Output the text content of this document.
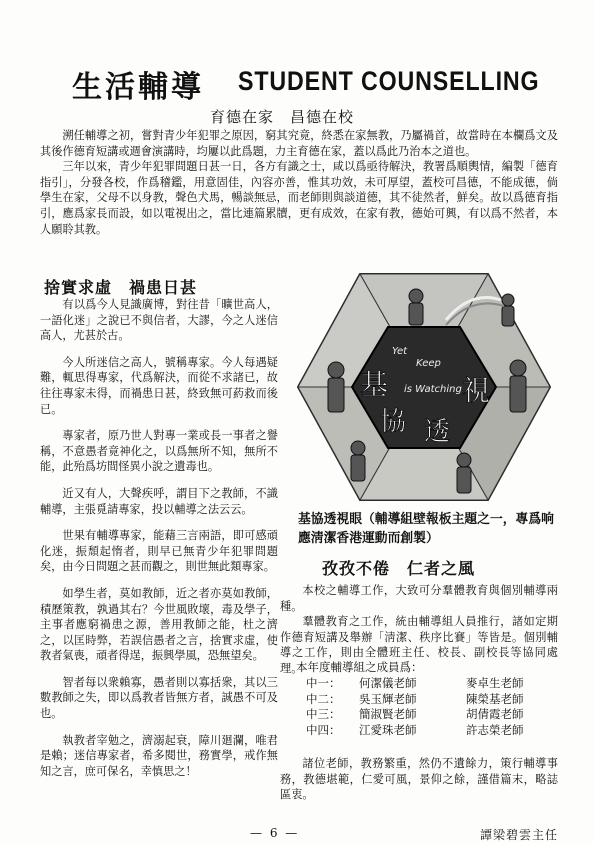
生活輔導 STUDENT COUNSELLING
育德在家　昌德在校

溯任輔導之初，嘗對青少年犯罪之原因，窮其究竟，終悉在家無教，乃屬禍首，故當時在本欄爲文及其後作德育短講或週會演講時，均屢以此爲題，力主育德在家，蓋以爲此乃治本之道也。

三年以來，青少年犯罪問題日甚一日，各方有識之士，咸以爲亟待解決，教署爲順輿情，編製「德育指引」，分發各校，作爲稽鑑，用意固佳，內容亦善，惟其功效，未可厚望，蓋校可昌德，不能成德，倘學生在家，父母不以身教，聲色犬馬，暢談無忌，而老師則與談道德，其不徒然者，鮮矣。故以爲德育指引，應爲家長而設，如以電視出之，當比連篇累牘，更有成效，在家有教，德始可興，有以爲不然者，本人願聆其教。

捨實求虛　禍患日甚

有以爲今人見識廣博，對往昔「曠世高人，一語化迷」之說已不與信者，大謬，今之人迷信高人，尤甚於古。

今人所迷信之高人，號稱專家。今人每遇疑難，輒思得專家，代爲解決，而從不求諸已，故往往專家未得，而禍患日甚，終致無可葯救而後已。

專家者，原乃世人對專一業或長一事者之譽稱，不意愚者竟神化之，以爲無所不知，無所不能，此殆爲坊間怪異小說之遺毒也。

近又有人，大聲疾呼，謂目下之教師，不識輔導，主張覓請專家，投以輔導之法云云。

世果有輔導專家，能藉三言兩語，即可感頑化迷，振頹起惰者，則早已無青少年犯罪問題矣，由今日問題之甚而觀之，則世無此類專家。

如學生者，莫如教師，近之者亦莫如教師，積歷策教，孰過其右？今世風敗壞，毒及學子，主事者應窮禍患之源，善用教師之能，杜之濟之，以匡時弊，若誤信愚者之言，捨實求虛，使教者氣喪，頑者得逞，振興學風，恐無望矣。

智者每以衆賴寡，愚者則以寡括衆，其以三數教師之失，即以爲教者皆無方者，誠愚不可及也。

執教者宰勉之，濟溺起衰，障川廻瀾，唯君是賴；迷信專家者，希多閱世，務實學，戒作無知之言，庶可保名，幸慎思之！

基
協 透
視
Yet
Keep
is Watching
基協透視眼（輔導組壁報板主題之一，專爲响應淸潔香港運動而創製）
孜孜不倦　仁者之風

本校之輔導工作，大致可分羣體教育與個別輔導兩種。

羣體教育之工作，統由輔導組人員推行，諸如定期作德育短講及舉辦「淸潔、秩序比賽」等皆是。個別輔導之工作，則由全體班主任、校長、副校長等協同處理。

本年度輔導組之成員爲：
中一：	何潔儀老師	麥卓生老師
中二：	吳玉輝老師	陳榮基老師
中三：	簡淑賢老師	胡倩霞老師
中四：	江愛珠老師	許志榮老師
諸位老師，教務繁重，然仍不遺餘力，策行輔導事務，教德堪範，仁愛可風，景仰之餘，謹借篇末，略誌區衷。
— 6 —	譚梁碧雲主任
